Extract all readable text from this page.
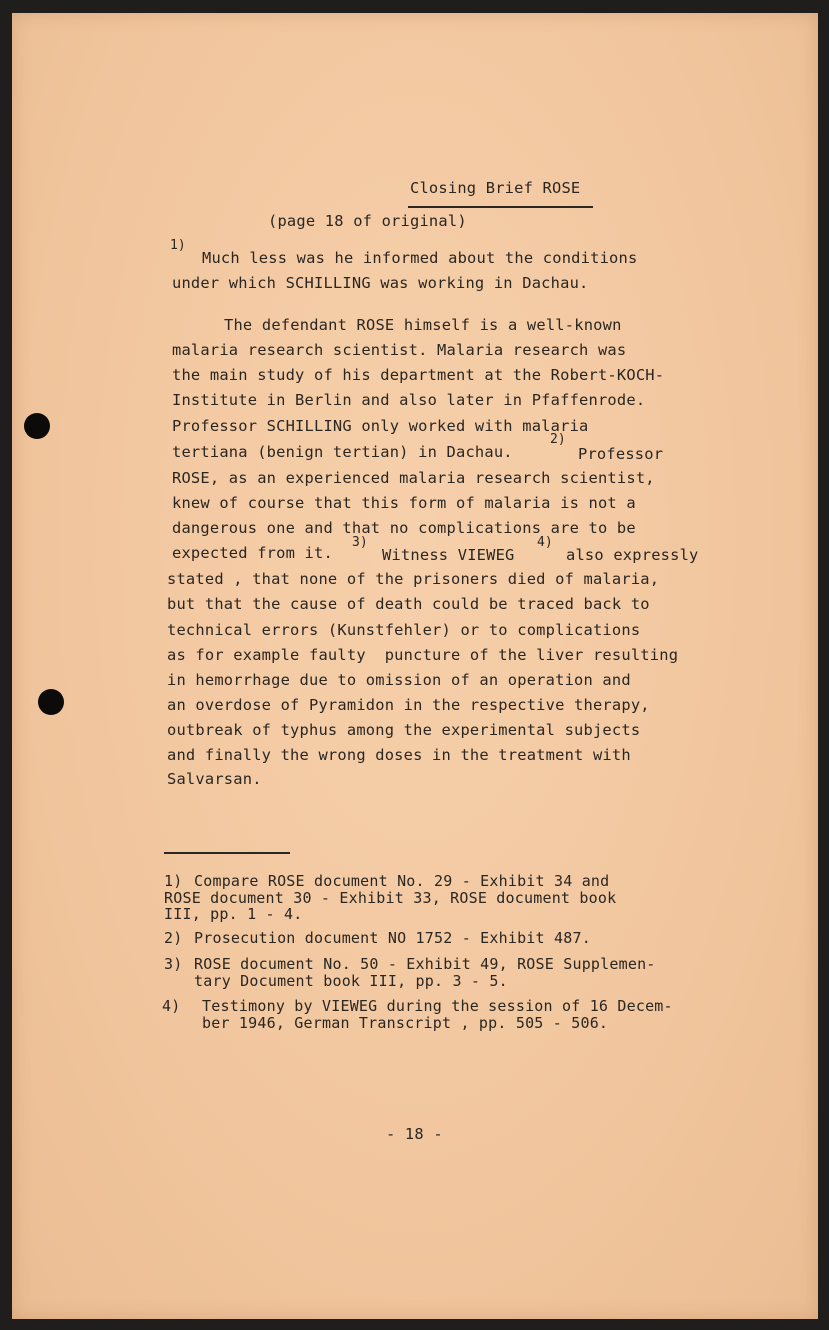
Closing Brief ROSE
(page 18 of original)
1)
Much less was he informed about the conditions
under which SCHILLING was working in Dachau.
The defendant ROSE himself is a well-known
malaria research scientist. Malaria research was
the main study of his department at the Robert-KOCH-
Institute in Berlin and also later in Pfaffenrode.
Professor SCHILLING only worked with malaria
tertiana (benign tertian) in Dachau.
2)
Professor
ROSE, as an experienced malaria research scientist,
knew of course that this form of malaria is not a
dangerous one and that no complications are to be
expected from it.
3)
Witness VIEWEG
4)
also expressly
stated , that none of the prisoners died of malaria,
but that the cause of death could be traced back to
technical errors (Kunstfehler) or to complications
as for example faulty  puncture of the liver resulting
in hemorrhage due to omission of an operation and
an overdose of Pyramidon in the respective therapy,
outbreak of typhus among the experimental subjects
and finally the wrong doses in the treatment with
Salvarsan.
1) Compare ROSE document No. 29 - Exhibit 34 and
ROSE document 30 - Exhibit 33, ROSE document book
III, pp. 1 - 4.
2) Prosecution document NO 1752 - Exhibit 487.
3) ROSE document No. 50 - Exhibit 49, ROSE Supplemen-
tary Document book III, pp. 3 - 5.
4) Testimony by VIEWEG during the session of 16 Decem-
ber 1946, German Transcript , pp. 505 - 506.
- 18 -
